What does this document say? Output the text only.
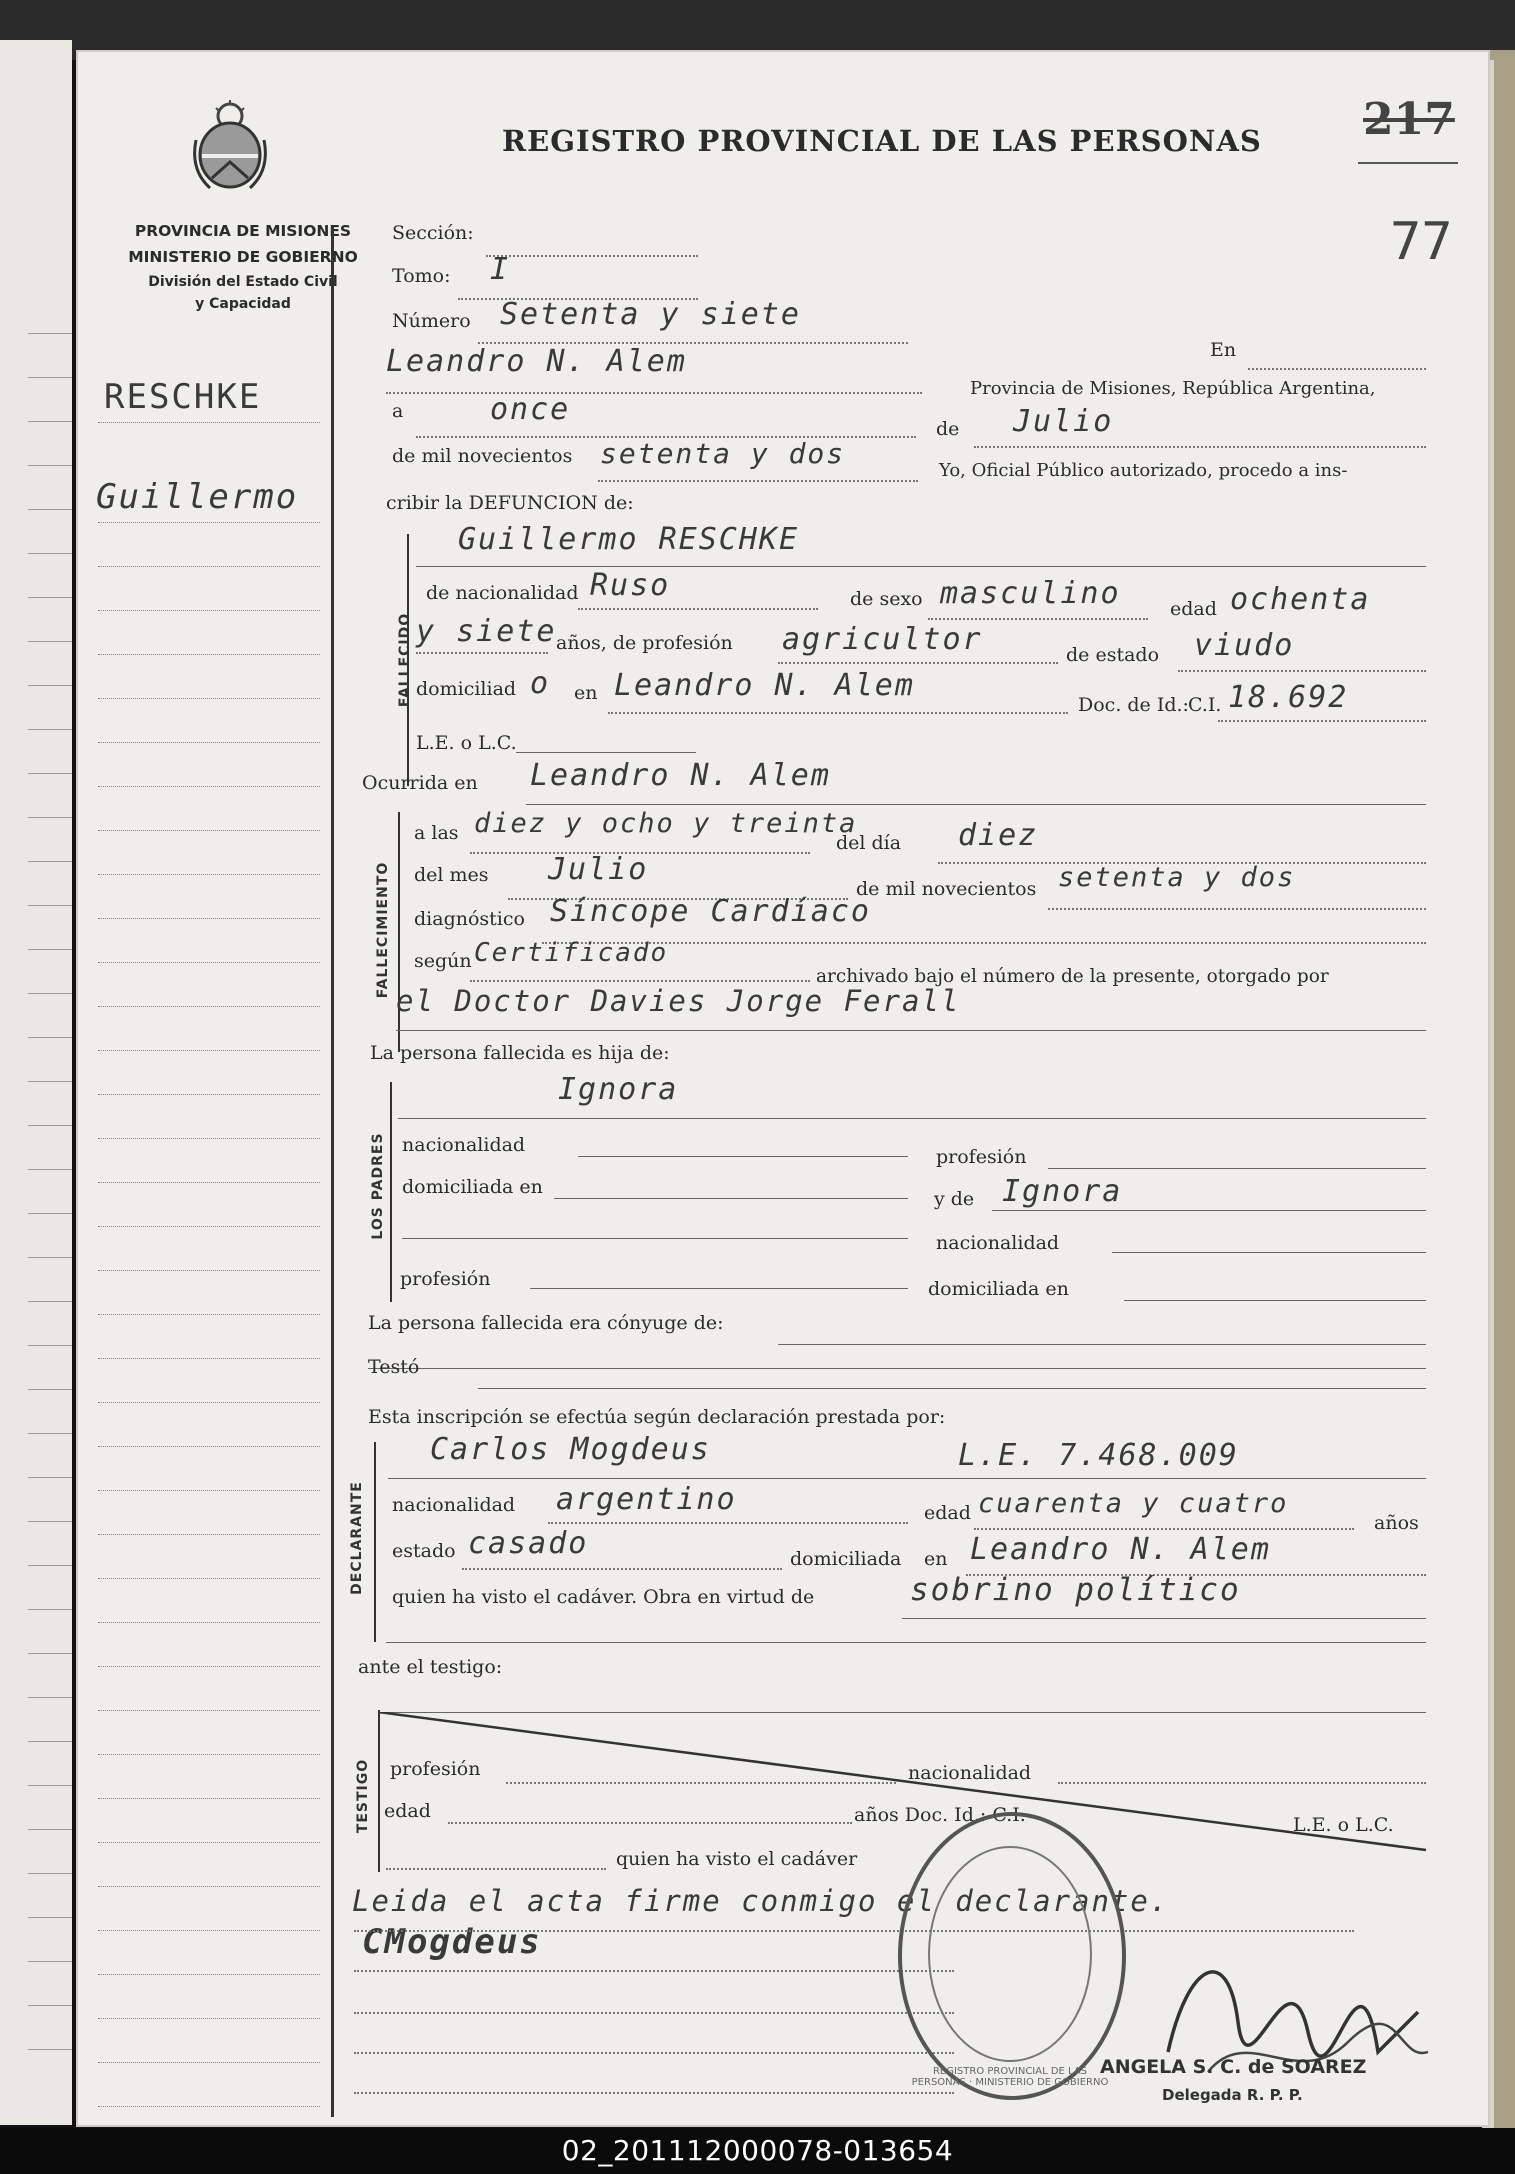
PROVINCIA DE MISIONES
MINISTERIO DE GOBIERNO
División del Estado Civil
y Capacidad
REGISTRO PROVINCIAL DE LAS PERSONAS 217
77
RESCHKE
Guillermo
Sección:
Tomo: I
Número Setenta y siete
En
Leandro N. Alem
Provincia de Misiones, República Argentina,
a	once
de Julio
de mil novecientos setenta y dos
Yo, Oficial Público autorizado, procedo a ins-
cribir la DEFUNCION de:
FALLECIDO
Guillermo RESCHKE
de nacionalidad Ruso	de sexo masculino	edad ochenta
y siete años, de profesión agricultor	de estado viudo
domiciliad o en Leandro N. Alem
Doc. de Id.: C.I. 18.692
L.E. o L.C.
Ocurrida en Leandro N. Alem
FALLECIMIENTO
a las diez y ocho y treinta
del día diez
del mes Julio
de mil novecientos setenta y dos
diagnóstico Síncope Cardíaco
según Certificado
archivado bajo el número de la presente, otorgado por
el Doctor Davies Jorge Ferall
La persona fallecida es hija de:
LOS PADRES
Ignora
nacionalidad
profesión
domiciliada en
y de Ignora
nacionalidad
profesión	domiciliada en
La persona fallecida era cónyuge de:
Testó
Esta inscripción se efectúa según declaración prestada por:
DECLARANTE
Carlos Mogdeus	L.E. 7.468.009
nacionalidad argentino	edad cuarenta y cuatro
años
estado casado	domiciliada en Leandro N. Alem
quien ha visto el cadáver. Obra en virtud de	sobrino político
ante el testigo:
TESTIGO profesión	nacionalidad
edad	años Doc. Id.: C.I.	L.E. o L.C.
quien ha visto el cadáver
Leida el acta firme conmigo el declarante.
CMogdeus
REGISTRO PROVINCIAL DE LAS PERSONAS · MINISTERIO DE GOBIERNO
ANGELA S. C. de SOAREZ
Delegada R. P. P.
02_201112000078-013654
